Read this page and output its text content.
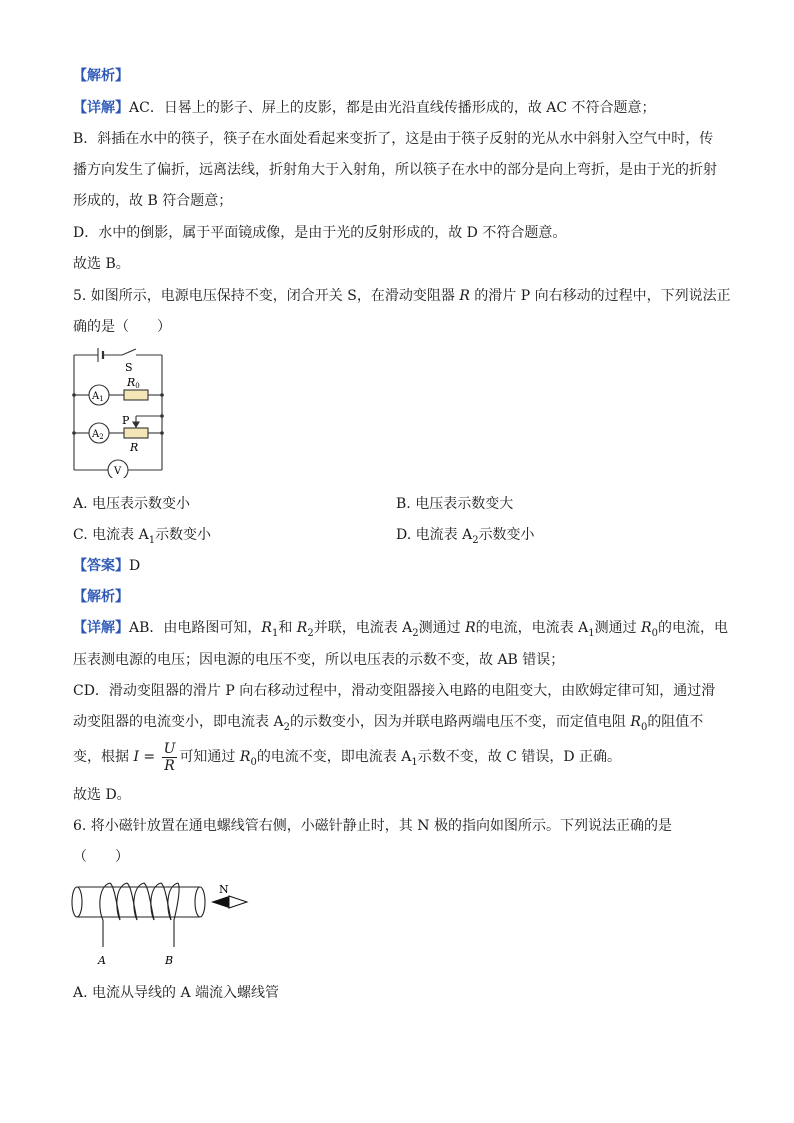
【解析】
【详解】AC．日晷上的影子、屏上的皮影，都是由光沿直线传播形成的，故 AC 不符合题意；
B．斜插在水中的筷子，筷子在水面处看起来变折了，这是由于筷子反射的光从水中斜射入空气中时，传
播方向发生了偏折，远离法线，折射角大于入射角，所以筷子在水中的部分是向上弯折，是由于光的折射
形成的，故 B 符合题意；
D．水中的倒影，属于平面镜成像，是由于光的反射形成的，故 D 不符合题意。
故选 B。
5. 如图所示，电源电压保持不变，闭合开关 S，在滑动变阻器 R 的滑片 P 向右移动的过程中，下列说法正
确的是（　　）
S
$A_1$
R0
$A_2$
P
R
V
A. 电压表示数变小	B. 电压表示数变大
C. 电流表 $A_1$示数变小	D. 电流表 $A_2$示数变小
【答案】D
【解析】
【详解】AB．由电路图可知，$R_1$和 $R_2$并联，电流表 $A_2$测通过 R的电流，电流表 $A_1$测通过 $R_0$的电流，电
压表测电源的电压；因电源的电压不变，所以电压表的示数不变，故 AB 错误；
CD．滑动变阻器的滑片 P 向右移动过程中，滑动变阻器接入电路的电阻变大，由欧姆定律可知，通过滑
动变阻器的电流变小，即电流表 $A_2$的示数变小，因为并联电路两端电压不变，而定值电阻 $R_0$的阻值不
变，根据 $I = \frac{U}{R}$ 可知通过 $R_0$的电流不变，即电流表 $A_1$示数不变，故 C 错误，D 正确。
故选 D。
6. 将小磁针放置在通电螺线管右侧，小磁针静止时，其 N 极的指向如图所示。下列说法正确的是
（　　）
N
A	B
A. 电流从导线的 A 端流入螺线管
